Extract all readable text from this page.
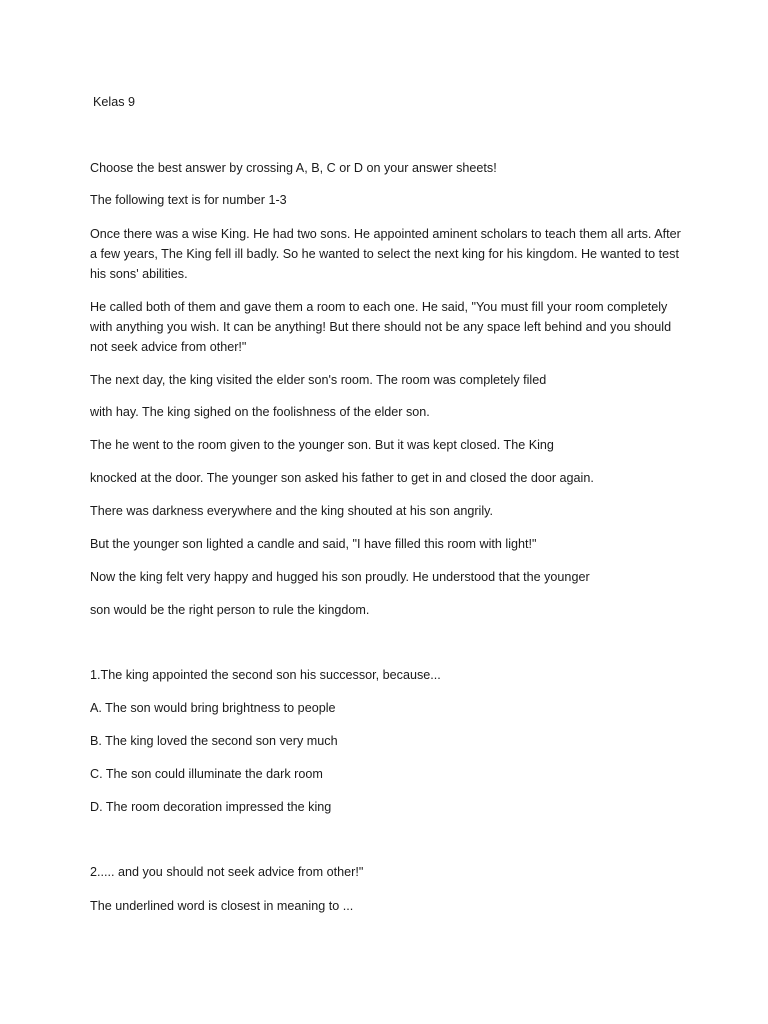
Kelas 9

Choose the best answer by crossing A, B, C or D on your answer sheets!

The following text is for number 1-3

Once there was a wise King. He had two sons. He appointed aminent scholars to teach them all arts. After a few years, The King fell ill badly. So he wanted to select the next king for his kingdom. He wanted to test his sons' abilities.

He called both of them and gave them a room to each one. He said, "You must fill your room completely with anything you wish. It can be anything! But there should not be any space left behind and you should not seek advice from other!"

The next day, the king visited the elder son's room. The room was completely filed

with hay. The king sighed on the foolishness of the elder son.

The he went to the room given to the younger son. But it was kept closed. The King

knocked at the door. The younger son asked his father to get in and closed the door again.

There was darkness everywhere and the king shouted at his son angrily.

But the younger son lighted a candle and said, "I have filled this room with light!"

Now the king felt very happy and hugged his son proudly. He understood that the younger

son would be the right person to rule the kingdom.

1.The king appointed the second son his successor, because...

A. The son would bring brightness to people

B. The king loved the second son very much

C. The son could illuminate the dark room

D. The room decoration impressed the king

2..... and you should not seek advice from other!"

The underlined word is closest in meaning to ...
